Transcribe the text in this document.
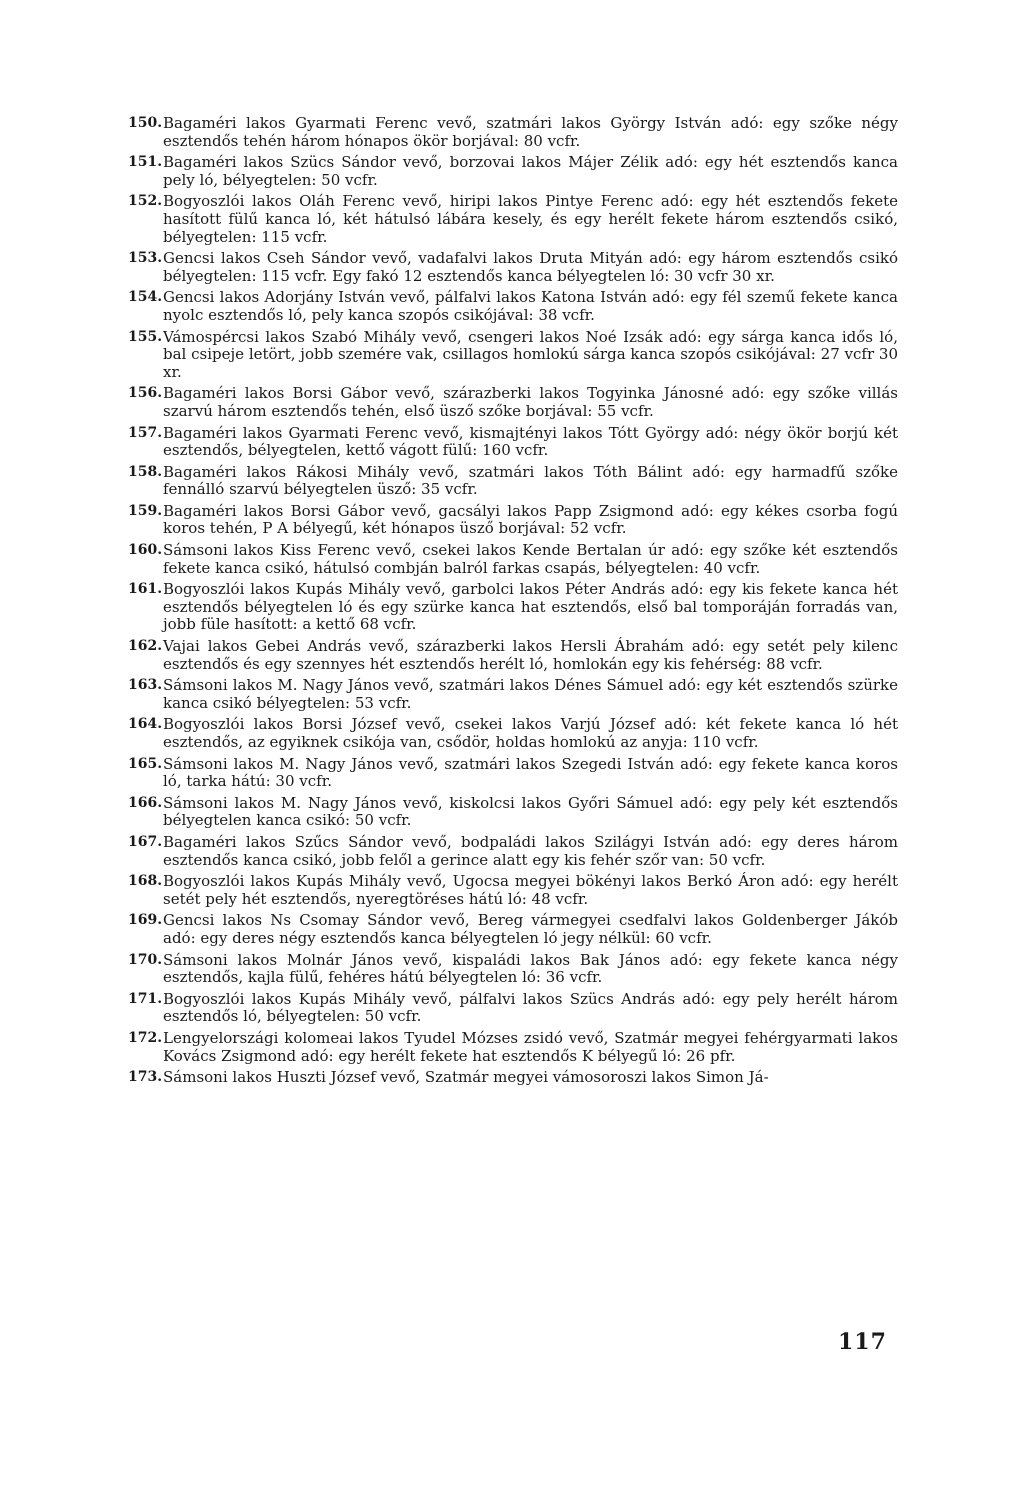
150. Bagaméri lakos Gyarmati Ferenc vevő, szatmári lakos György István adó: egy szőke négy esztendős tehén három hónapos ökör borjával: 80 vcfr.
151. Bagaméri lakos Szücs Sándor vevő, borzovai lakos Májer Zélik adó: egy hét esztendős kanca pely ló, bélyegtelen: 50 vcfr.
152. Bogyoszlói lakos Oláh Ferenc vevő, hiripi lakos Pintye Ferenc adó: egy hét esztendős fekete hasított fülű kanca ló, két hátulsó lábára kesely, és egy herélt fekete három esztendős csikó, bélyegtelen: 115 vcfr.
153. Gencsi lakos Cseh Sándor vevő, vadafalvi lakos Druta Mityán adó: egy három esztendős csikó bélyegtelen: 115 vcfr. Egy fakó 12 esztendős kanca bélyegtelen ló: 30 vcfr 30 xr.
154. Gencsi lakos Adorjány István vevő, pálfalvi lakos Katona István adó: egy fél szemű fekete kanca nyolc esztendős ló, pely kanca szopós csikójával: 38 vcfr.
155. Vámospércsi lakos Szabó Mihály vevő, csengeri lakos Noé Izsák adó: egy sárga kanca idős ló, bal csipeje letört, jobb szemére vak, csillagos homlokú sárga kanca szopós csikójával: 27 vcfr 30 xr.
156. Bagaméri lakos Borsi Gábor vevő, szárazberki lakos Togyinka Jánosné adó: egy szőke villás szarvú három esztendős tehén, első üsző szőke borjával: 55 vcfr.
157. Bagaméri lakos Gyarmati Ferenc vevő, kismajtényi lakos Tótt György adó: négy ökör borjú két esztendős, bélyegtelen, kettő vágott fülű: 160 vcfr.
158. Bagaméri lakos Rákosi Mihály vevő, szatmári lakos Tóth Bálint adó: egy harmadfű szőke fennálló szarvú bélyegtelen üsző: 35 vcfr.
159. Bagaméri lakos Borsi Gábor vevő, gacsályi lakos Papp Zsigmond adó: egy kékes csorba fogú koros tehén, P A bélyegű, két hónapos üsző borjával: 52 vcfr.
160. Sámsoni lakos Kiss Ferenc vevő, csekei lakos Kende Bertalan úr adó: egy szőke két esztendős fekete kanca csikó, hátulsó combján balról farkas csapás, bélyegtelen: 40 vcfr.
161. Bogyoszlói lakos Kupás Mihály vevő, garbolci lakos Péter András adó: egy kis fekete kanca hét esztendős bélyegtelen ló és egy szürke kanca hat esztendős, első bal tomporáján forradás van, jobb füle hasított: a kettő 68 vcfr.
162. Vajai lakos Gebei András vevő, szárazberki lakos Hersli Ábrahám adó: egy setét pely kilenc esztendős és egy szennyes hét esztendős herélt ló, homlokán egy kis fehérség: 88 vcfr.
163. Sámsoni lakos M. Nagy János vevő, szatmári lakos Dénes Sámuel adó: egy két esztendős szürke kanca csikó bélyegtelen: 53 vcfr.
164. Bogyoszlói lakos Borsi József vevő, csekei lakos Varjú József adó: két fekete kanca ló hét esztendős, az egyiknek csikója van, csődör, holdas homlokú az anyja: 110 vcfr.
165. Sámsoni lakos M. Nagy János vevő, szatmári lakos Szegedi István adó: egy fekete kanca koros ló, tarka hátú: 30 vcfr.
166. Sámsoni lakos M. Nagy János vevő, kiskolcsi lakos Győri Sámuel adó: egy pely két esztendős bélyegtelen kanca csikó: 50 vcfr.
167. Bagaméri lakos Szűcs Sándor vevő, bodpaládi lakos Szilágyi István adó: egy deres három esztendős kanca csikó, jobb felől a gerince alatt egy kis fehér szőr van: 50 vcfr.
168. Bogyoszlói lakos Kupás Mihály vevő, Ugocsa megyei bökényi lakos Berkó Áron adó: egy herélt setét pely hét esztendős, nyeregtöréses hátú ló: 48 vcfr.
169. Gencsi lakos Ns Csomay Sándor vevő, Bereg vármegyei csedfalvi lakos Goldenberger Jákób adó: egy deres négy esztendős kanca bélyegtelen ló jegy nélkül: 60 vcfr.
170. Sámsoni lakos Molnár János vevő, kispaládi lakos Bak János adó: egy fekete kanca négy esztendős, kajla fülű, fehéres hátú bélyegtelen ló: 36 vcfr.
171. Bogyoszlói lakos Kupás Mihály vevő, pálfalvi lakos Szücs András adó: egy pely herélt három esztendős ló, bélyegtelen: 50 vcfr.
172. Lengyelországi kolomeai lakos Tyudel Mózses zsidó vevő, Szatmár megyei fehérgyarmati lakos Kovács Zsigmond adó: egy herélt fekete hat esztendős K bélyegű ló: 26 pfr.
173. Sámsoni lakos Huszti József vevő, Szatmár megyei vámosoroszi lakos Simon Já-
117
